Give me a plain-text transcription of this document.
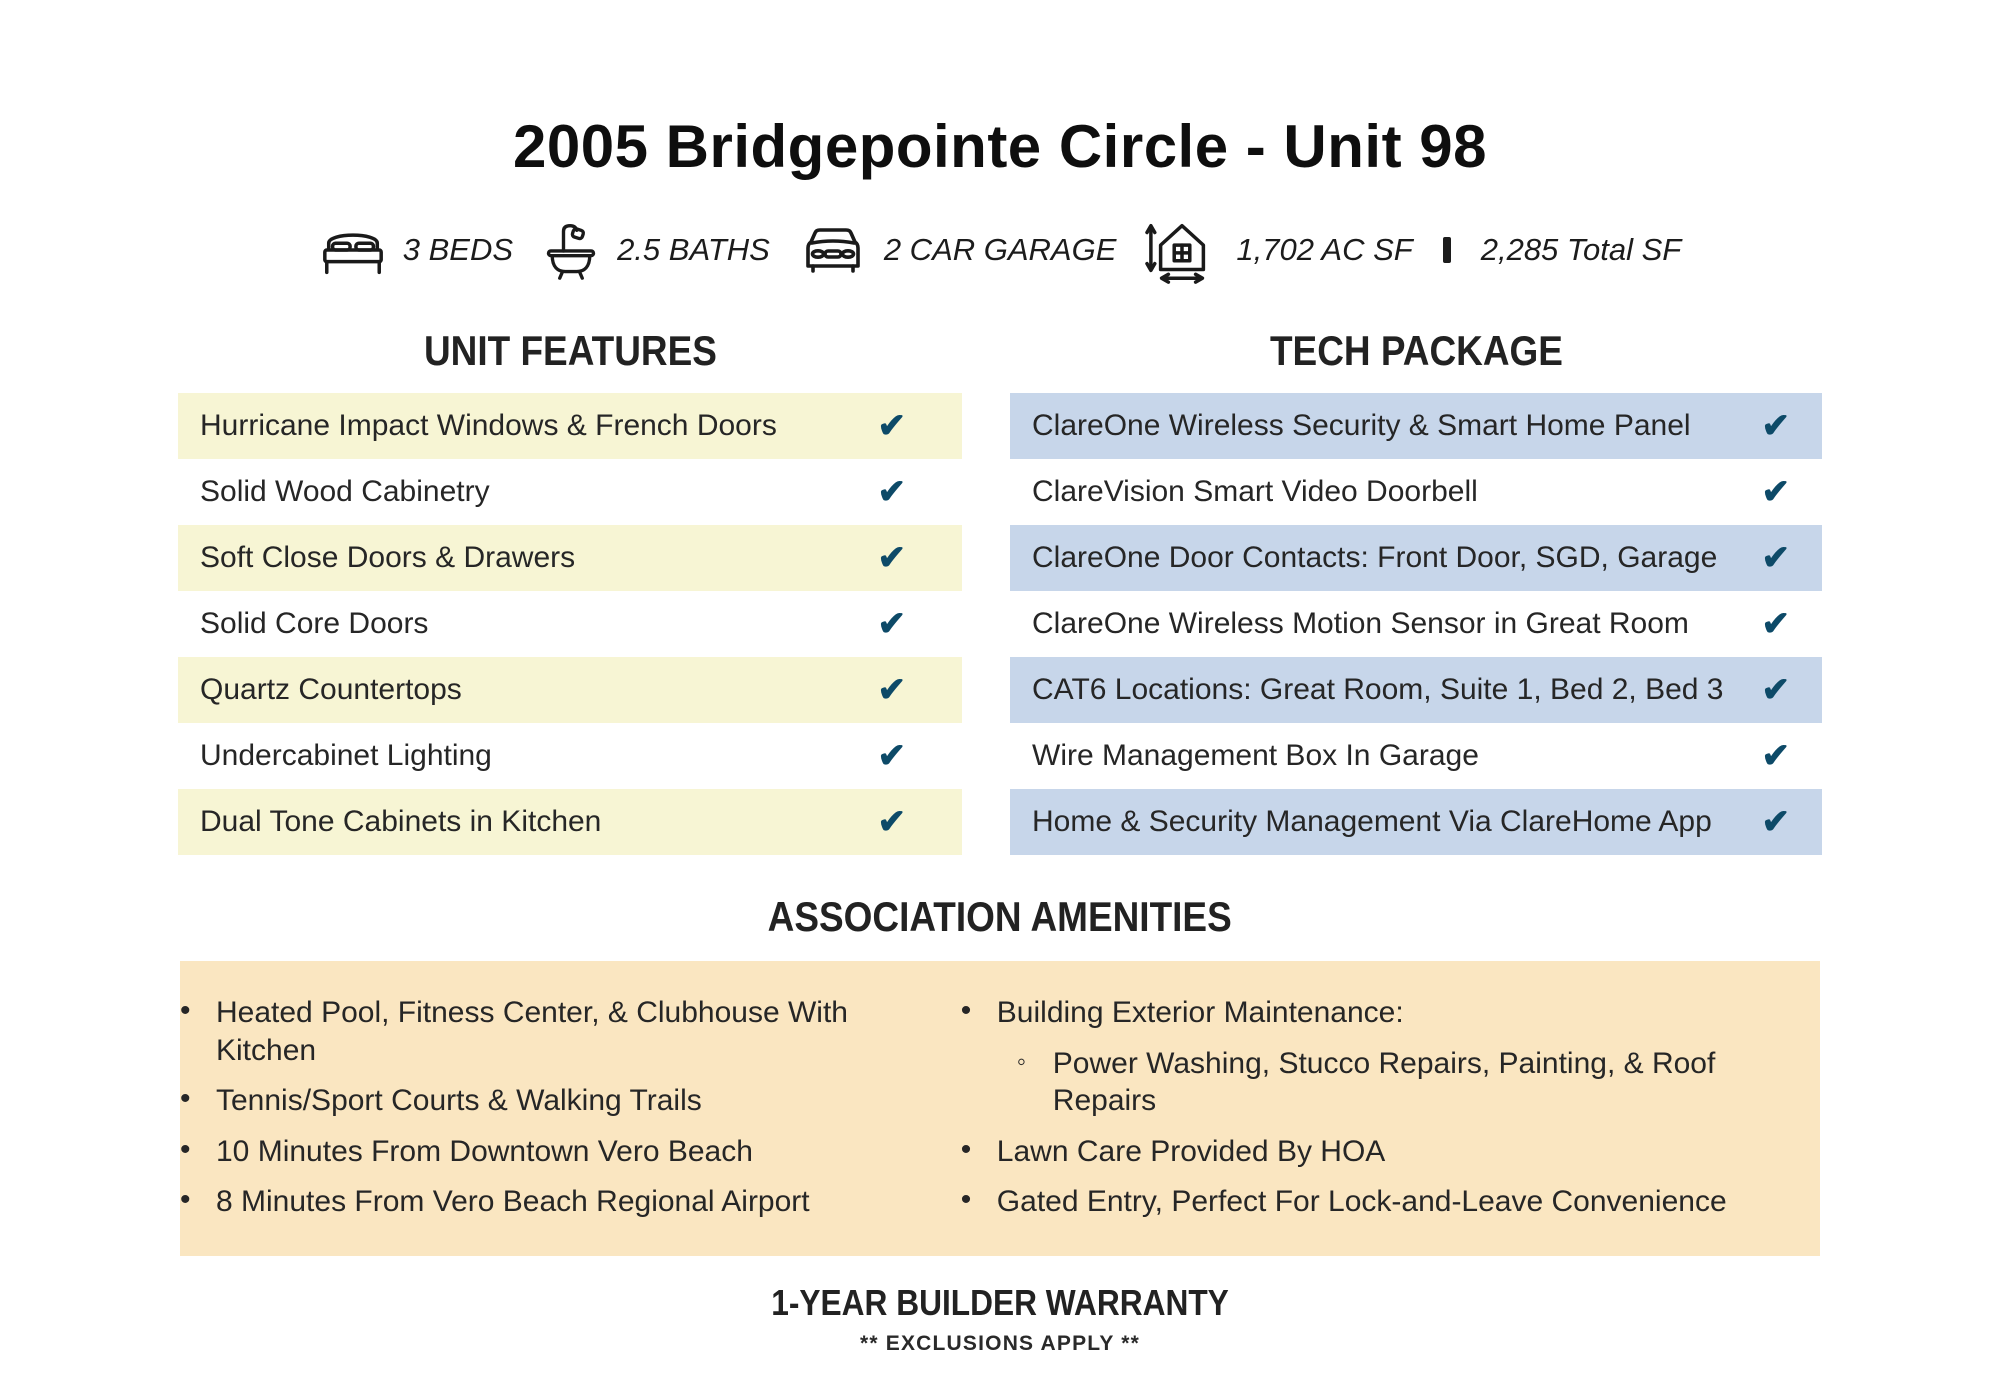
2005 Bridgepointe Circle - Unit 98
3 BEDS	2.5 BATHS	2 CAR GARAGE	1,702 AC SF 2,285 Total SF
UNIT FEATURES
Hurricane Impact Windows & French Doors	✔
Solid Wood Cabinetry	✔
Soft Close Doors & Drawers	✔
Solid Core Doors	✔
Quartz Countertops	✔
Undercabinet Lighting	✔
Dual Tone Cabinets in Kitchen	✔
TECH PACKAGE
ClareOne Wireless Security & Smart Home Panel ✔
ClareVision Smart Video Doorbell	✔
ClareOne Door Contacts: Front Door, SGD, Garage ✔
ClareOne Wireless Motion Sensor in Great Room ✔
CAT6 Locations: Great Room, Suite 1, Bed 2, Bed 3 ✔
Wire Management Box In Garage	✔
Home & Security Management Via ClareHome App ✔
ASSOCIATION AMENITIES
• Heated Pool, Fitness Center, & Clubhouse With Kitchen
• Tennis/Sport Courts & Walking Trails
• 10 Minutes From Downtown Vero Beach
• 8 Minutes From Vero Beach Regional Airport
• Building Exterior Maintenance:
◦ Power Washing, Stucco Repairs, Painting, & Roof Repairs
• Lawn Care Provided By HOA
• Gated Entry, Perfect For Lock-and-Leave Convenience
1-YEAR BUILDER WARRANTY
** EXCLUSIONS APPLY **
